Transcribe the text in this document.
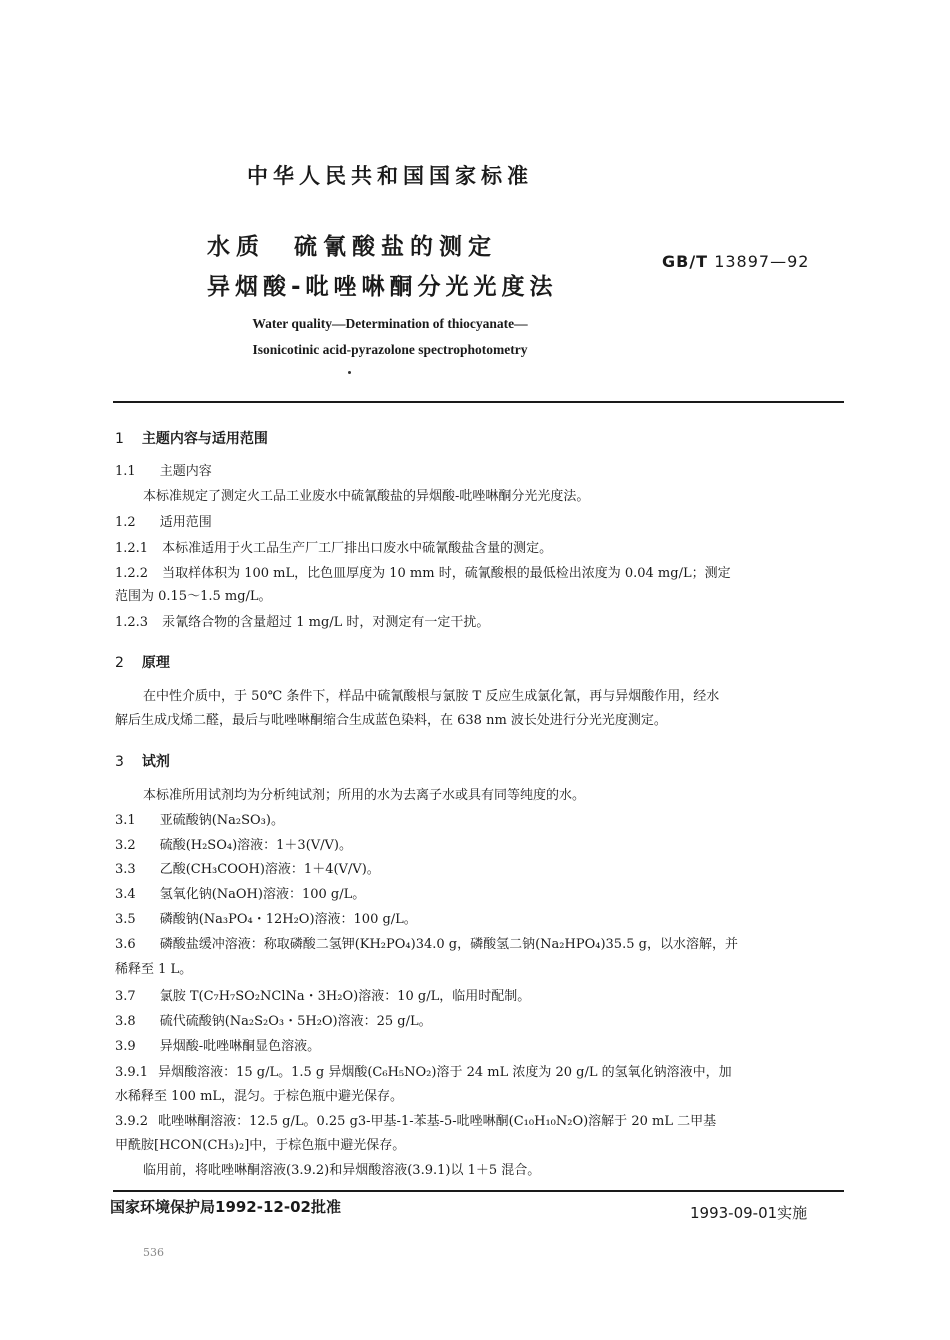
中华人民共和国国家标准
水质　硫氰酸盐的测定
异烟酸-吡唑啉酮分光光度法
GB/T 13897—92
Water quality—Determination of thiocyanate—
Isonicotinic acid-pyrazolone spectrophotometry
1 主题内容与适用范围
1.1 主题内容
本标准规定了测定火工品工业废水中硫氰酸盐的异烟酸-吡唑啉酮分光光度法。
1.2 适用范围
1.2.1 本标准适用于火工品生产厂工厂排出口废水中硫氰酸盐含量的测定。
1.2.2 当取样体积为 100 mL，比色皿厚度为 10 mm 时，硫氰酸根的最低检出浓度为 0.04 mg/L；测定
范围为 0.15～1.5 mg/L。
1.2.3 汞氰络合物的含量超过 1 mg/L 时，对测定有一定干扰。
2 原理
在中性介质中，于 50℃ 条件下，样品中硫氰酸根与氯胺 T 反应生成氯化氰，再与异烟酸作用，经水
解后生成戊烯二醛，最后与吡唑啉酮缩合生成蓝色染料，在 638 nm 波长处进行分光光度测定。
3 试剂
本标准所用试剂均为分析纯试剂；所用的水为去离子水或具有同等纯度的水。
3.1 亚硫酸钠(Na₂SO₃)。
3.2 硫酸(H₂SO₄)溶液：1＋3(V/V)。
3.3 乙酸(CH₃COOH)溶液：1＋4(V/V)。
3.4 氢氧化钠(NaOH)溶液：100 g/L。
3.5 磷酸钠(Na₃PO₄・12H₂O)溶液：100 g/L。
3.6 磷酸盐缓冲溶液：称取磷酸二氢钾(KH₂PO₄)34.0 g，磷酸氢二钠(Na₂HPO₄)35.5 g，以水溶解，并
稀释至 1 L。
3.7 氯胺 T(C₇H₇SO₂NClNa・3H₂O)溶液：10 g/L，临用时配制。
3.8 硫代硫酸钠(Na₂S₂O₃・5H₂O)溶液：25 g/L。
3.9 异烟酸-吡唑啉酮显色溶液。
3.9.1 异烟酸溶液：15 g/L。1.5 g 异烟酸(C₆H₅NO₂)溶于 24 mL 浓度为 20 g/L 的氢氧化钠溶液中，加
水稀释至 100 mL，混匀。于棕色瓶中避光保存。
3.9.2 吡唑啉酮溶液：12.5 g/L。0.25 g3-甲基-1-苯基-5-吡唑啉酮(C₁₀H₁₀N₂O)溶解于 20 mL 二甲基
甲酰胺[HCON(CH₃)₂]中，于棕色瓶中避光保存。
临用前，将吡唑啉酮溶液(3.9.2)和异烟酸溶液(3.9.1)以 1＋5 混合。
国家环境保护局1992-12-02批准	1993-09-01实施
536
